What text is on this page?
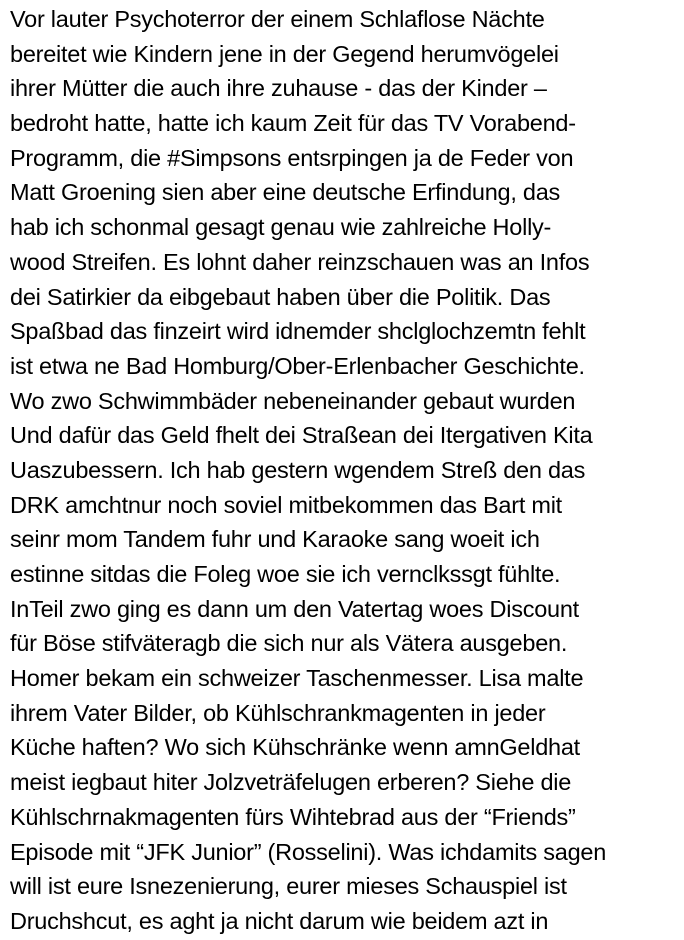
Vor lauter Psychoterror der einem Schlaflose Nächte
bereitet wie Kindern jene in der Gegend herumvögelei
ihrer Mütter die auch ihre zuhause - das der Kinder –
bedroht hatte, hatte ich kaum Zeit für das TV Vorabend-
Programm, die #Simpsons entsrpingen ja de Feder von
Matt Groening sien aber eine deutsche Erfindung, das
hab ich schonmal gesagt genau wie zahlreiche Holly-
wood Streifen. Es lohnt daher reinzschauen was an Infos
dei Satirkier da eibgebaut haben über die Politik. Das
Spaßbad das finzeirt wird idnemder shclglochzemtn fehlt
ist etwa ne Bad Homburg/Ober-Erlenbacher Geschichte.
Wo zwo Schwimmbäder nebeneinander gebaut wurden
Und dafür das Geld fhelt dei Straßean dei Itergativen Kita
Uaszubessern. Ich hab gestern wgendem Streß den das
DRK amchtnur noch soviel mitbekommen das Bart mit
seinr mom Tandem fuhr und Karaoke sang woeit ich
estinne sitdas die Foleg woe sie ich vernclkssgt fühlte.
InTeil zwo ging es dann um den Vatertag woes Discount
für Böse stifväteragb die sich nur als Vätera ausgeben.
Homer bekam ein schweizer Taschenmesser. Lisa malte
ihrem Vater Bilder, ob Kühlschrankmagenten in jeder
Küche haften? Wo sich Kühschränke wenn amnGeldhat
meist iegbaut hiter Jolzveträfelugen erberen? Siehe die
Kühlschrnakmagenten fürs Wihtebrad aus der “Friends”
Episode mit “JFK Junior” (Rosselini). Was ichdamits sagen
will ist eure Isnezenierung, eurer mieses Schauspiel ist
Druchshcut, es aght ja nicht darum wie beidem azt in
